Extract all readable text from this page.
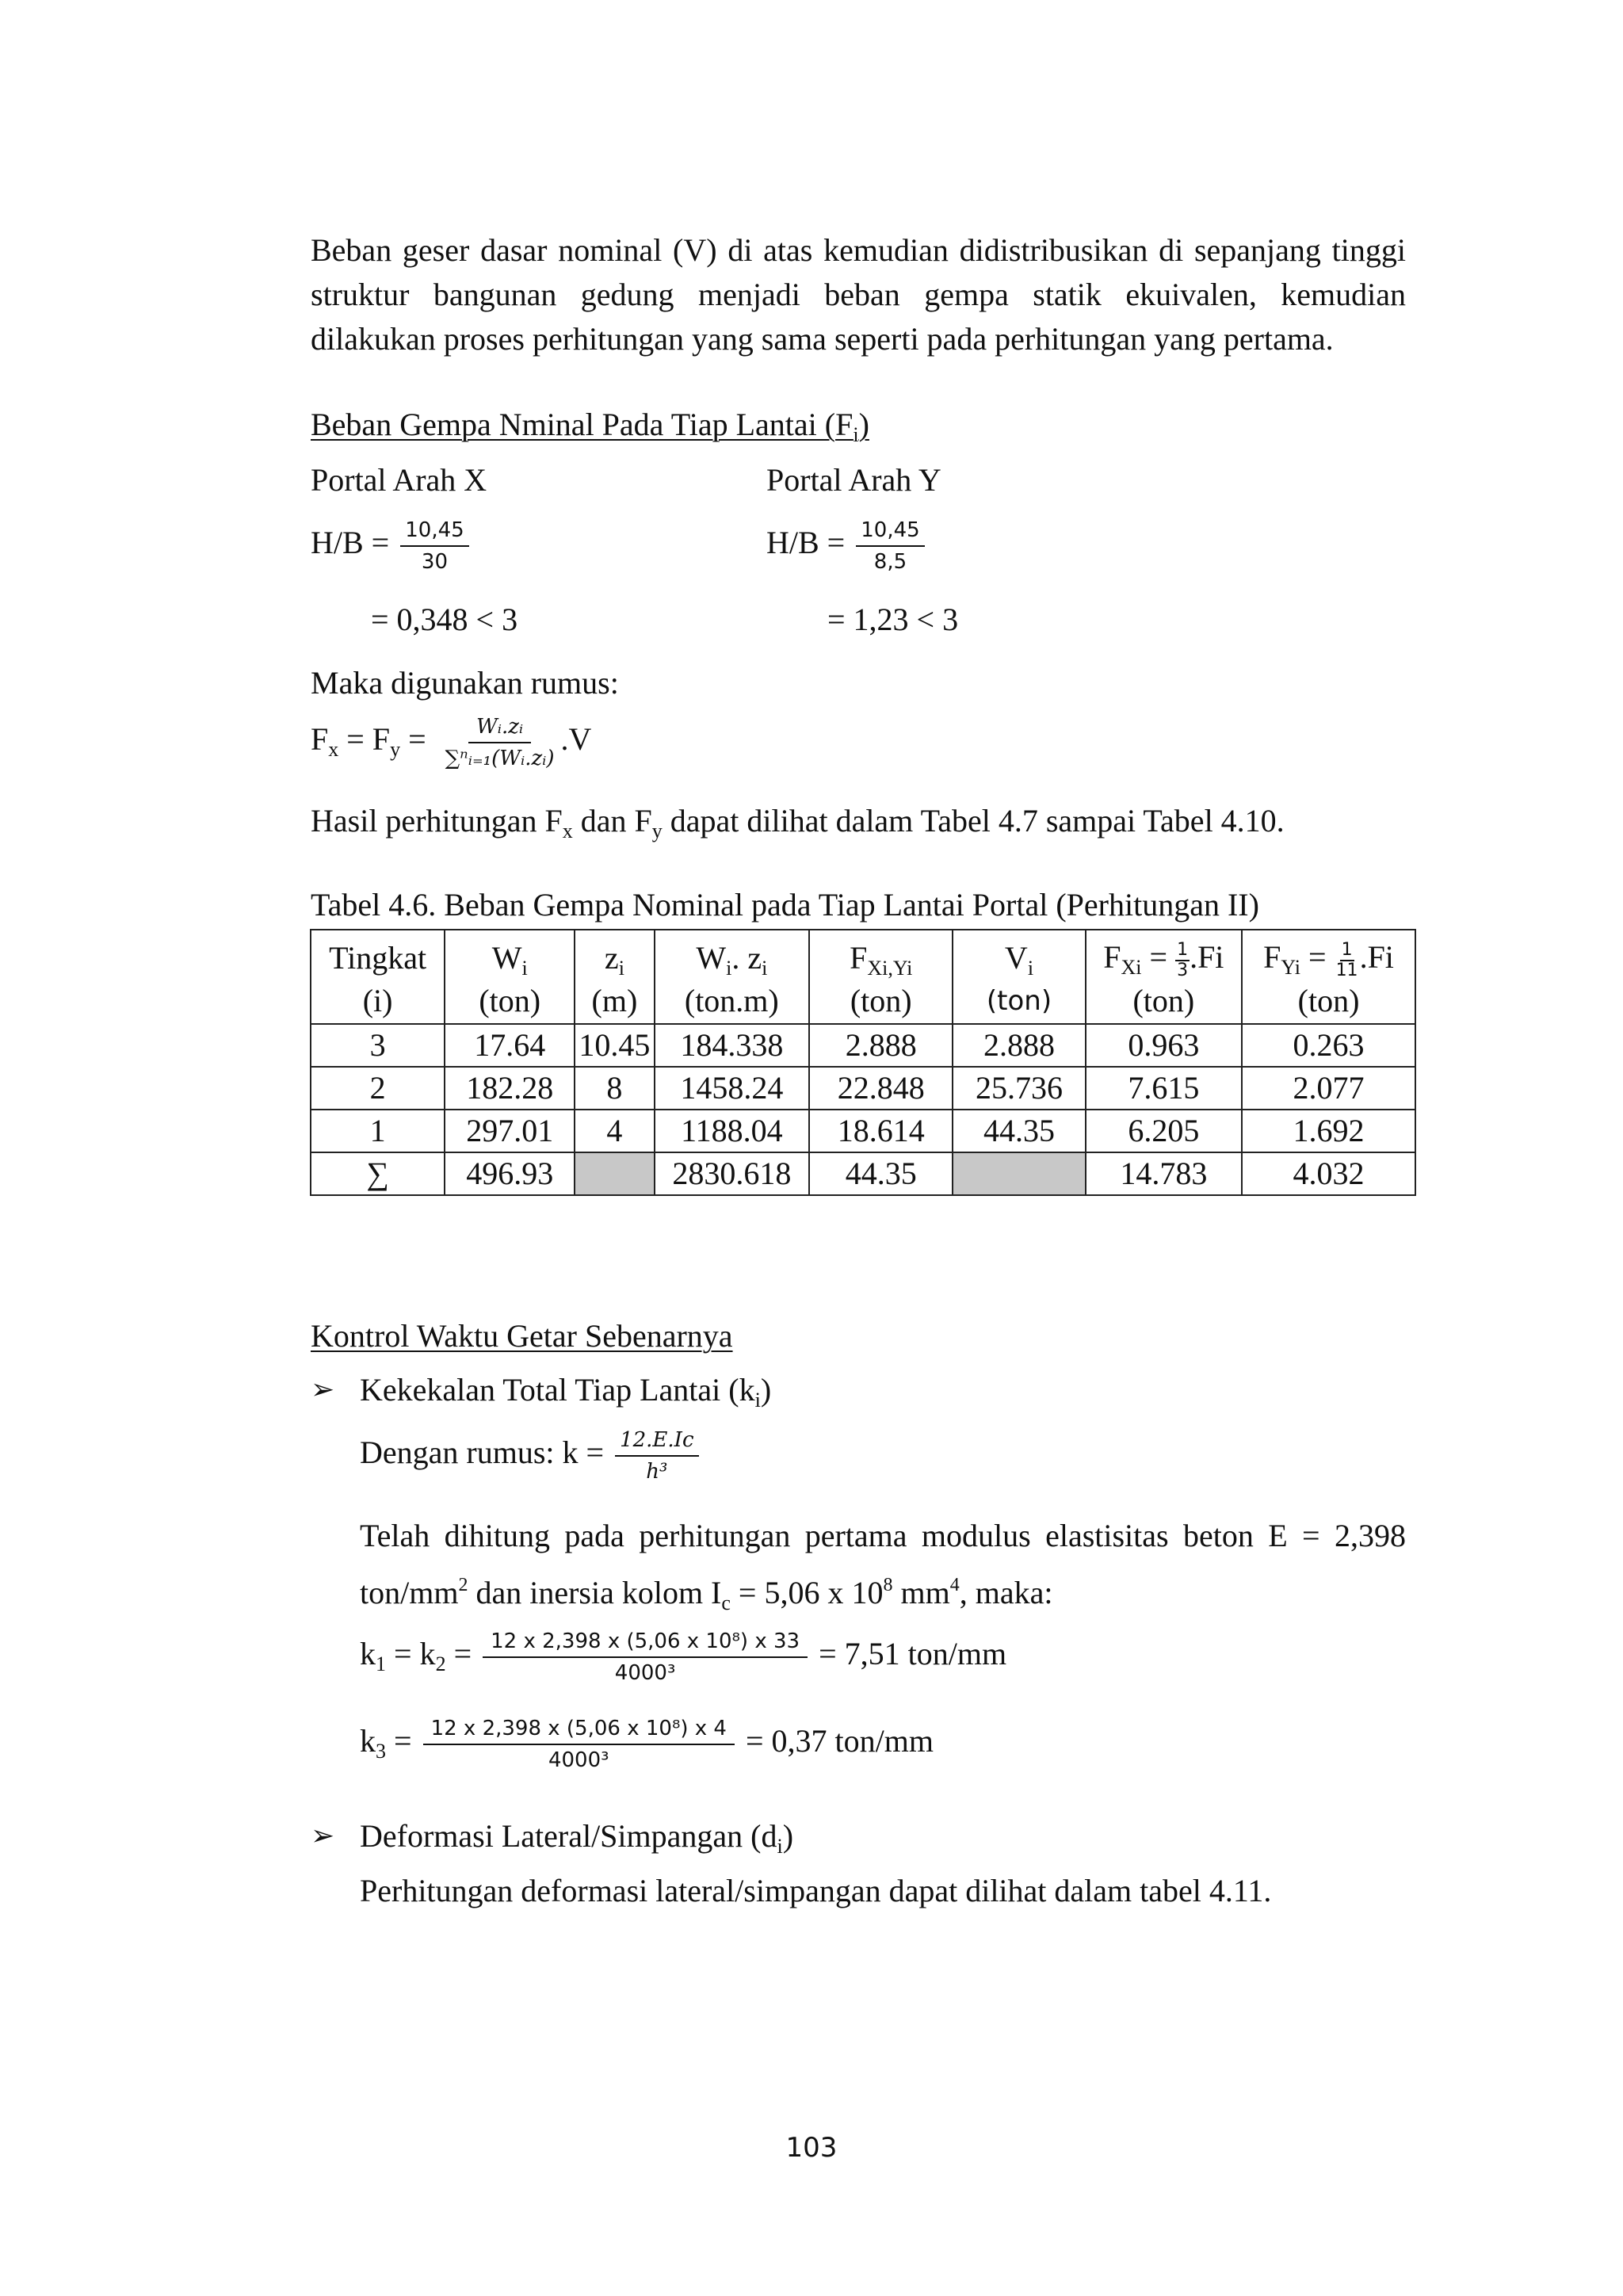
Beban geser dasar nominal (V) di atas kemudian didistribusikan di sepanjang tinggi struktur bangunan gedung menjadi beban gempa statik ekuivalen, kemudian dilakukan proses perhitungan yang sama seperti pada perhitungan yang pertama.
Beban Gempa Nminal Pada Tiap Lantai $(F_i)$
Portal Arah X
$H/B = \frac{10,45}{30}$
= 0,348 < 3
Portal Arah Y
$H/B = \frac{10,45}{8,5}$
= 1,23 < 3
Maka digunakan rumus:
$F_x = F_y = \frac{\text{Wᵢ.zᵢ}}{\text{∑ⁿᵢ₌₁(Wᵢ.zᵢ)}}$
.V
Hasil perhitungan $F_x$ dan $F_y$ dapat dilihat dalam Tabel 4.7 sampai Tabel 4.10.
Tabel 4.6. Beban Gempa Nominal pada Tiap Lantai Portal (Perhitungan II)
Tingkat	$W_i$	$z_i$	$W_i$. $z_i$	$F_{Xi,Yi}$	$V_i$	$F_{Xi} = \frac{1}{3} .Fi$	$F_{Yi} = \frac{1}{11} .Fi$
(i)	(ton)	(m)	(ton.m)	(ton)	(ton)	(ton)	(ton)
3	17.64	10.45	184.338	2.888	2.888	0.963	0.263
2	182.28	8	1458.24	22.848	25.736	7.615	2.077
1	297.01	4	1188.04	18.614	44.35	6.205	1.692
∑	496.93		2830.618	44.35		14.783	4.032
Kontrol Waktu Getar Sebenarnya
➢ Kekekalan Total Tiap Lantai $(k_i)$
Dengan rumus: $k = \frac{\text{12.E.I𝑐}}{\text{h³}}$
Telah dihitung pada perhitungan pertama modulus elastisitas beton E = 2,398
ton/$mm^2$ dan inersia kolom $I_c = 5,06$ x $10^8$ $mm^4$, maka:
$k_1 = k_2 = \frac{\text{12 x 2,398 x (5,06 x 10⁸) x 33}}{\text{4000³}} = 7,51$ ton/mm
$k_3 = \frac{\text{12 x 2,398 x (5,06 x 10⁸) x 4}}{\text{4000³}} = 0,37$ ton/mm
➢ Deformasi Lateral/Simpangan $(d_i)$
Perhitungan deformasi lateral/simpangan dapat dilihat dalam tabel 4.11.
103
